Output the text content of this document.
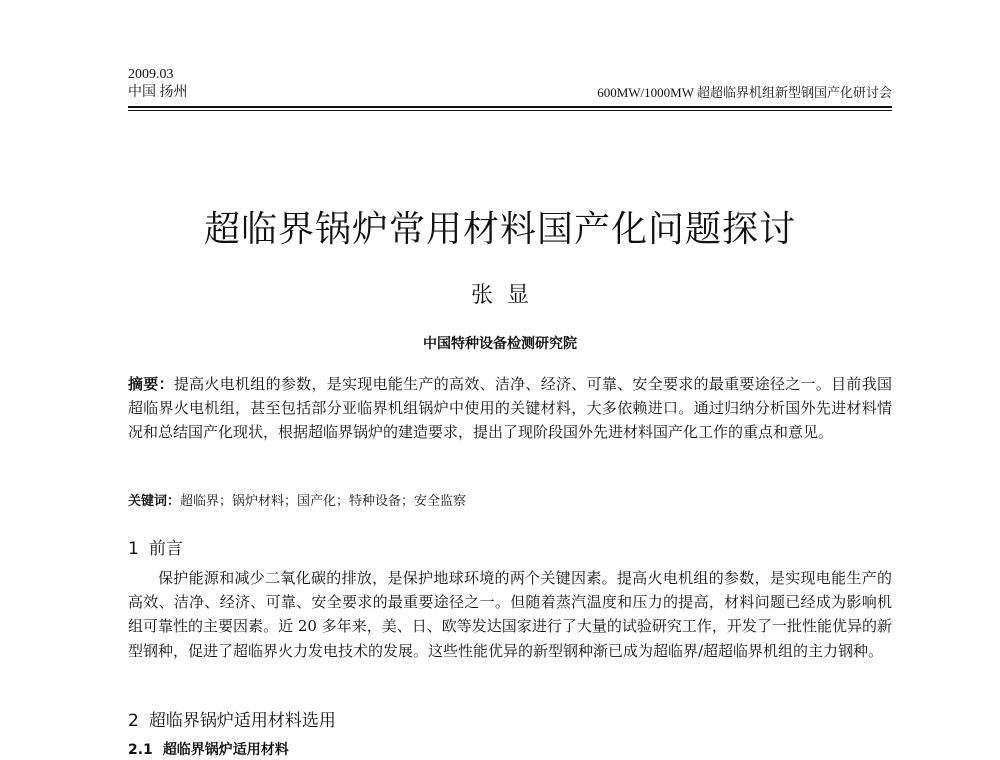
2009.03
中国 扬州	600MW/1000MW 超超临界机组新型钢国产化研讨会
超临界锅炉常用材料国产化问题探讨
张显
中国特种设备检测研究院
摘要：提高火电机组的参数，是实现电能生产的高效、洁净、经济、可靠、安全要求的最重要途径之一。目前我国超临界火电机组，甚至包括部分亚临界机组锅炉中使用的关键材料，大多依赖进口。通过归纳分析国外先进材料情况和总结国产化现状，根据超临界锅炉的建造要求，提出了现阶段国外先进材料国产化工作的重点和意见。
关键词：超临界；锅炉材料；国产化；特种设备；安全监察
1 前言
保护能源和减少二氧化碳的排放，是保护地球环境的两个关键因素。提高火电机组的参数，是实现电能生产的高效、洁净、经济、可靠、安全要求的最重要途径之一。但随着蒸汽温度和压力的提高，材料问题已经成为影响机组可靠性的主要因素。近 20 多年来，美、日、欧等发达国家进行了大量的试验研究工作，开发了一批性能优异的新型钢种，促进了超临界火力发电技术的发展。这些性能优异的新型钢种渐已成为超临界/超超临界机组的主力钢种。
2 超临界锅炉适用材料选用
2.1 超临界锅炉适用材料
